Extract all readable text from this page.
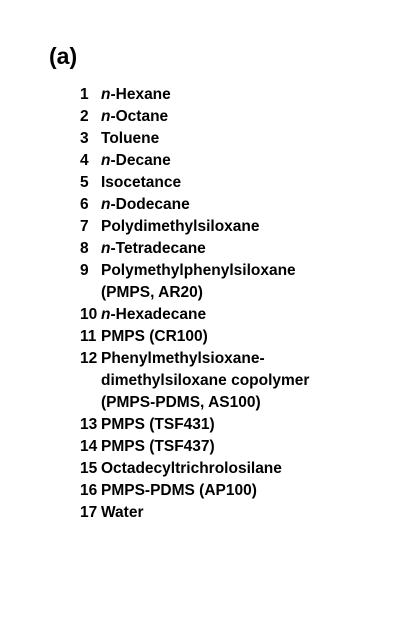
(a)
1 n-Hexane
2 n-Octane
3 Toluene
4 n-Decane
5 Isocetance
6 n-Dodecane
7 Polydimethylsiloxane
8 n-Tetradecane
9 Polymethylphenylsiloxane
(PMPS, AR20)
10 n-Hexadecane
11 PMPS (CR100)
12 Phenylmethylsioxane-
dimethylsiloxane copolymer
(PMPS-PDMS, AS100)
13 PMPS (TSF431)
14 PMPS (TSF437)
15 Octadecyltrichrolosilane
16 PMPS-PDMS (AP100)
17 Water
